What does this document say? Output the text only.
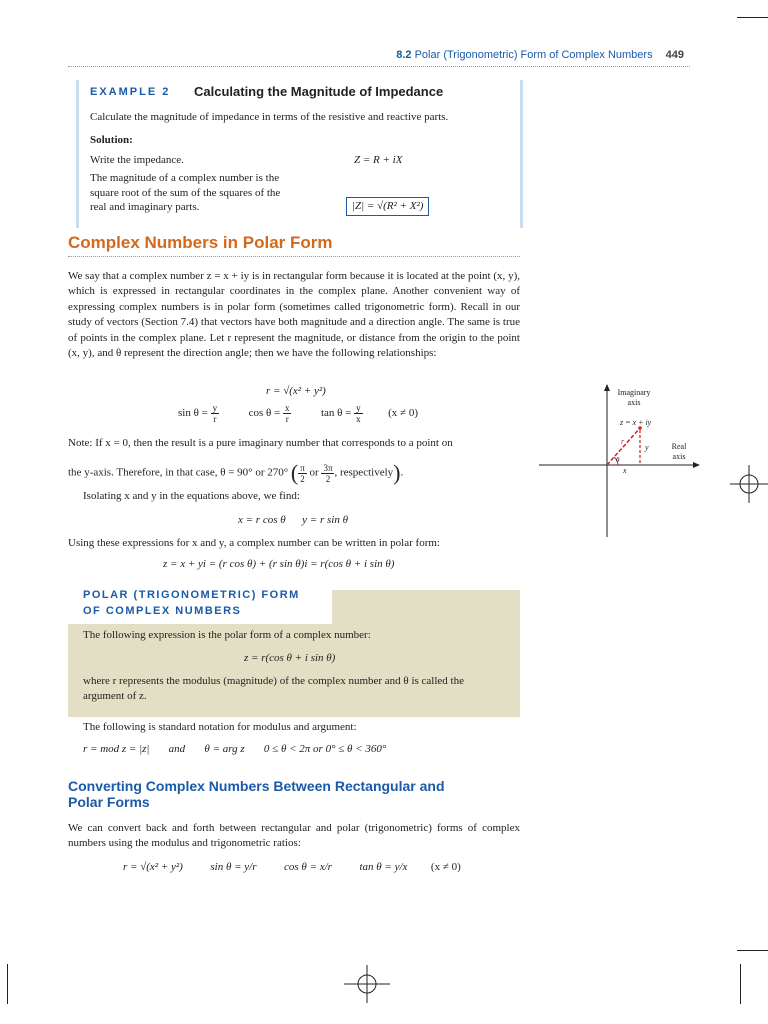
8.2 Polar (Trigonometric) Form of Complex Numbers 449
EXAMPLE 2 Calculating the Magnitude of Impedance
Calculate the magnitude of impedance in terms of the resistive and reactive parts.
Solution:
Write the impedance.	Z = R + iX
The magnitude of a complex number is the square root of the sum of the squares of the real and imaginary parts.	|Z| = √(R² + X²)
Complex Numbers in Polar Form
We say that a complex number z = x + iy is in rectangular form because it is located at the point (x, y), which is expressed in rectangular coordinates in the complex plane. Another convenient way of expressing complex numbers is in polar form (sometimes called trigonometric form). Recall in our study of vectors (Section 7.4) that vectors have both magnitude and a direction angle. The same is true of points in the complex plane. Let r represent the magnitude, or distance from the origin to the point (x, y), and θ represent the direction angle; then we have the following relationships:
r = √(x² + y²)
$\sin \theta = \frac{y}{r}$	$\cos \theta = \frac{x}{r}$	$\tan \theta = \frac{y}{x} (x \ne 0)$
Note: If x = 0, then the result is a pure imaginary number that corresponds to a point on
the y-axis. Therefore, in that case, θ = 90° or 270° ( $\frac{\pi}{2}$ or $\frac{3\pi}{2}$ , respectively).
Isolating x and y in the equations above, we find:
x = r cos θ      y = r sin θ
Using these expressions for x and y, a complex number can be written in polar form:
z = x + yi = (r cos θ) + (r sin θ)i = r(cos θ + i sin θ)
Imaginary axis
Real axis
z = x + iy
r
y
x
θ
POLAR (TRIGONOMETRIC) FORM
OF COMPLEX NUMBERS
The following expression is the polar form of a complex number:
z = r(cos θ + i sin θ)
where r represents the modulus (magnitude) of the complex number and θ is called the argument of z.
The following is standard notation for modulus and argument:
r = mod z = |z|       and       θ = arg z       0 ≤ θ < 2π or 0° ≤ θ < 360°
Converting Complex Numbers Between Rectangular and Polar Forms
We can convert back and forth between rectangular and polar (trigonometric) forms of complex numbers using the modulus and trigonometric ratios:
r = √(x² + y²)	sin θ = y/r	cos θ = x/r	tan θ = y/x (x ≠ 0)
